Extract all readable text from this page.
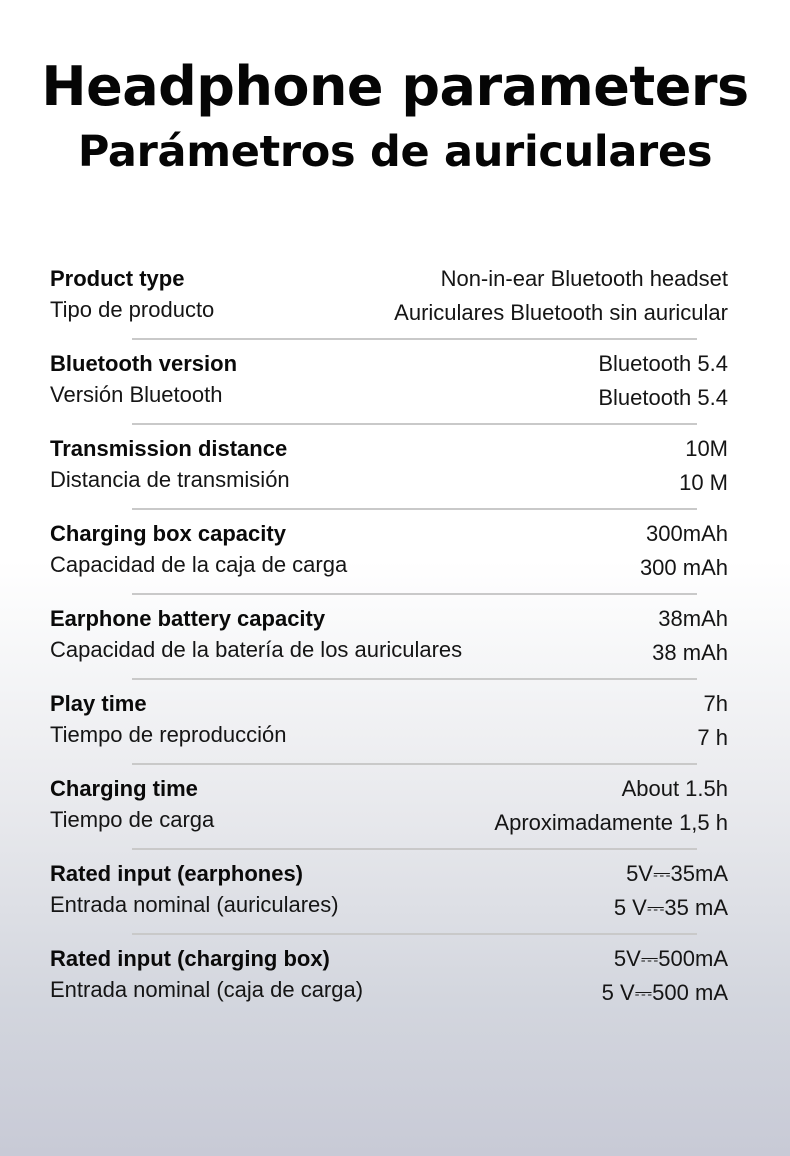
Headphone parameters
Parámetros de auriculares
Product type
Tipo de producto
Non-in-ear Bluetooth headset
Auriculares Bluetooth sin auricular
Bluetooth version
Versión Bluetooth
Bluetooth 5.4
Bluetooth 5.4
Transmission distance
Distancia de transmisión
10M
10 M
Charging box capacity
Capacidad de la caja de carga
300mAh
300 mAh
Earphone battery capacity
Capacidad de la batería de los auriculares
38mAh
38 mAh
Play time
Tiempo de reproducción
7h
7 h
Charging time
Tiempo de carga
About 1.5h
Aproximadamente 1,5 h
Rated input (earphones)
Entrada nominal (auriculares)
5V⎓35mA
5 V⎓35 mA
Rated input (charging box)
Entrada nominal (caja de carga)
5V⎓500mA
5 V⎓500 mA
